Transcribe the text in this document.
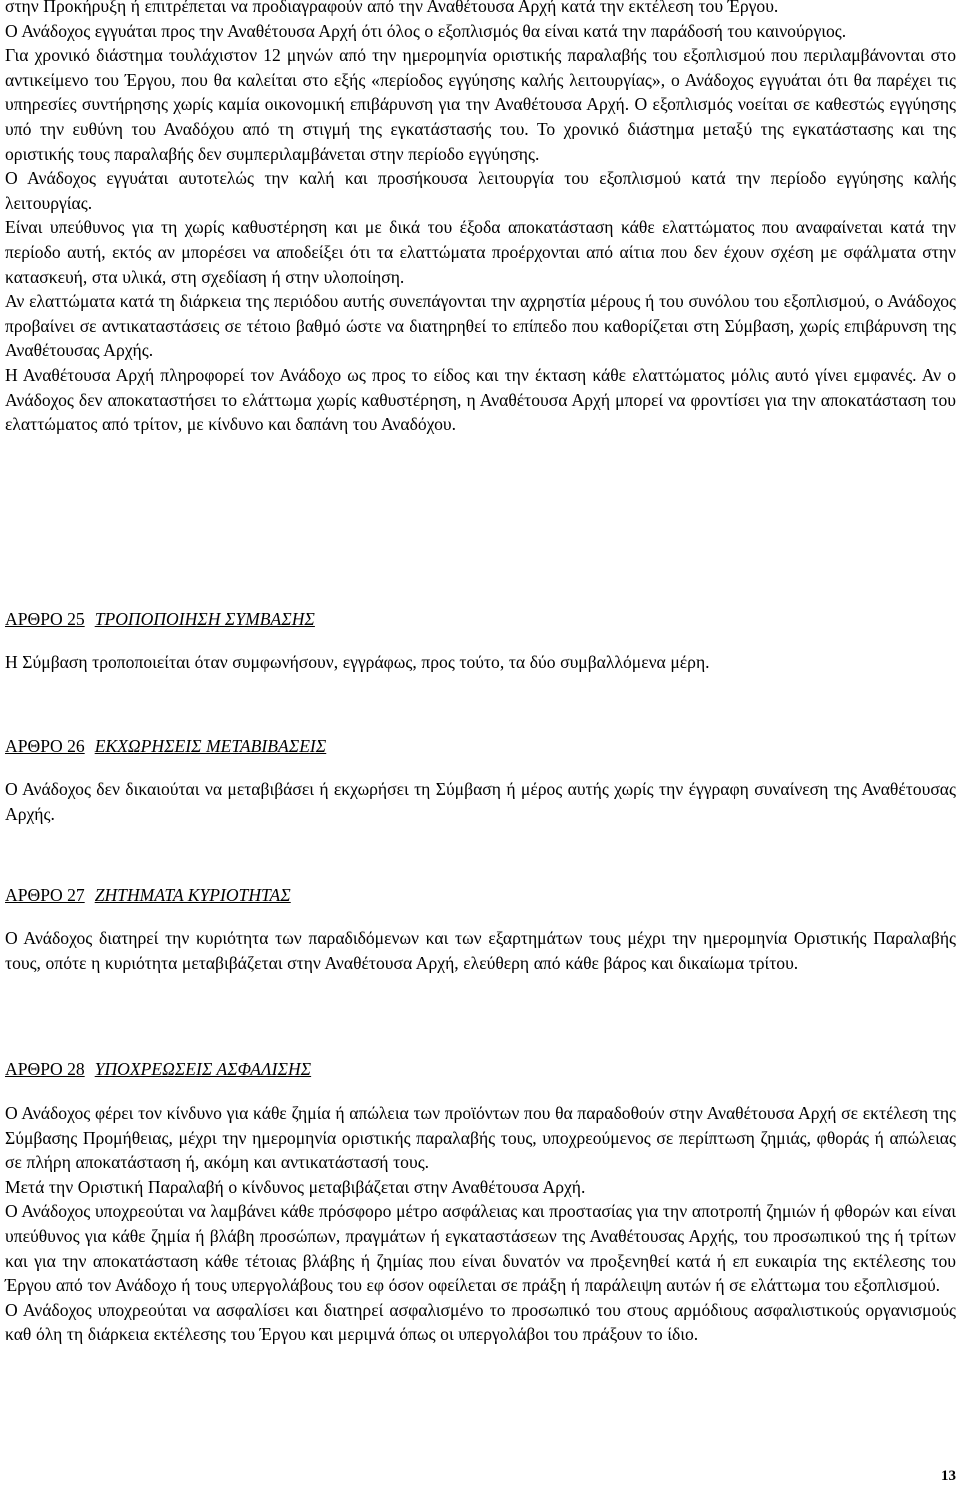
στην Προκήρυξη ή επιτρέπεται να προδιαγραφούν από την Αναθέτουσα Αρχή κατά την εκτέλεση του Έργου.

Ο Ανάδοχος εγγυάται προς την Αναθέτουσα Αρχή ότι όλος ο εξοπλισμός θα είναι κατά την παράδοσή του καινούργιος.

Για χρονικό διάστημα τουλάχιστον 12 μηνών από την ημερομηνία οριστικής παραλαβής του εξοπλισμού που περιλαμβάνονται στο αντικείμενο του Έργου, που θα καλείται στο εξής «περίοδος εγγύησης καλής λειτουργίας», ο Ανάδοχος εγγυάται ότι θα παρέχει τις υπηρεσίες συντήρησης χωρίς καμία οικονομική επιβάρυνση για την Αναθέτουσα Αρχή. Ο εξοπλισμός νοείται σε καθεστώς εγγύησης υπό την ευθύνη του Αναδόχου από τη στιγμή της εγκατάστασής του. Το χρονικό διάστημα μεταξύ της εγκατάστασης και της οριστικής τους παραλαβής δεν συμπεριλαμβάνεται στην περίοδο εγγύησης.

Ο Ανάδοχος εγγυάται αυτοτελώς την καλή και προσήκουσα λειτουργία του εξοπλισμού κατά την περίοδο εγγύησης καλής λειτουργίας.

Είναι υπεύθυνος για τη χωρίς καθυστέρηση και με δικά του έξοδα αποκατάσταση κάθε ελαττώματος που αναφαίνεται κατά την περίοδο αυτή, εκτός αν μπορέσει να αποδείξει ότι τα ελαττώματα προέρχονται από αίτια που δεν έχουν σχέση με σφάλματα στην κατασκευή, στα υλικά, στη σχεδίαση ή στην υλοποίηση.

Αν ελαττώματα κατά τη διάρκεια της περιόδου αυτής συνεπάγονται την αχρηστία μέρους ή του συνόλου του εξοπλισμού, ο Ανάδοχος προβαίνει σε αντικαταστάσεις σε τέτοιο βαθμό ώστε να διατηρηθεί το επίπεδο που καθορίζεται στη Σύμβαση, χωρίς επιβάρυνση της Αναθέτουσας Αρχής.

Η Αναθέτουσα Αρχή πληροφορεί τον Ανάδοχο ως προς το είδος και την έκταση κάθε ελαττώματος μόλις αυτό γίνει εμφανές. Αν ο Ανάδοχος δεν αποκαταστήσει το ελάττωμα χωρίς καθυστέρηση, η Αναθέτουσα Αρχή μπορεί να φροντίσει για την αποκατάσταση του ελαττώματος από τρίτον, με κίνδυνο και δαπάνη του Αναδόχου.

ΑΡΘΡΟ 25 ΤΡΟΠΟΠΟΙΗΣΗ ΣΥΜΒΑΣΗΣ

Η Σύμβαση τροποποιείται όταν συμφωνήσουν, εγγράφως, προς τούτο, τα δύο συμβαλλόμενα μέρη.

ΑΡΘΡΟ 26 ΕΚΧΩΡΗΣΕΙΣ ΜΕΤΑΒΙΒΑΣΕΙΣ

Ο Ανάδοχος δεν δικαιούται να μεταβιβάσει ή εκχωρήσει τη Σύμβαση ή μέρος αυτής χωρίς την έγγραφη συναίνεση της Αναθέτουσας Αρχής.

ΑΡΘΡΟ 27 ΖΗΤΗΜΑΤΑ ΚΥΡΙΟΤΗΤΑΣ

Ο Ανάδοχος διατηρεί την κυριότητα των παραδιδόμενων και των εξαρτημάτων τους μέχρι την ημερομηνία Οριστικής Παραλαβής τους, οπότε η κυριότητα μεταβιβάζεται στην Αναθέτουσα Αρχή, ελεύθερη από κάθε βάρος και δικαίωμα τρίτου.

ΑΡΘΡΟ 28 ΥΠΟΧΡΕΩΣΕΙΣ ΑΣΦΑΛΙΣΗΣ

Ο Ανάδοχος φέρει τον κίνδυνο για κάθε ζημία ή απώλεια των προϊόντων που θα παραδοθούν στην Αναθέτουσα Αρχή σε εκτέλεση της Σύμβασης Προμήθειας, μέχρι την ημερομηνία οριστικής παραλαβής τους, υποχρεούμενος σε περίπτωση ζημιάς, φθοράς ή απώλειας σε πλήρη αποκατάσταση ή, ακόμη και αντικατάστασή τους.

Μετά την Οριστική Παραλαβή ο κίνδυνος μεταβιβάζεται στην Αναθέτουσα Αρχή.

Ο Ανάδοχος υποχρεούται να λαμβάνει κάθε πρόσφορο μέτρο ασφάλειας και προστασίας για την αποτροπή ζημιών ή φθορών και είναι υπεύθυνος για κάθε ζημία ή βλάβη προσώπων, πραγμάτων ή εγκαταστάσεων της Αναθέτουσας Αρχής, του προσωπικού της ή τρίτων και για την αποκατάσταση κάθε τέτοιας βλάβης ή ζημίας που είναι δυνατόν να προξενηθεί κατά ή επ ευκαιρία της εκτέλεσης του Έργου από τον Ανάδοχο ή τους υπεργολάβους του εφ όσον οφείλεται σε πράξη ή παράλειψη αυτών ή σε ελάττωμα του εξοπλισμού.

Ο Ανάδοχος υποχρεούται να ασφαλίσει και διατηρεί ασφαλισμένο το προσωπικό του στους αρμόδιους ασφαλιστικούς οργανισμούς καθ όλη τη διάρκεια εκτέλεσης του Έργου και μεριμνά όπως οι υπεργολάβοι του πράξουν το ίδιο.

13
